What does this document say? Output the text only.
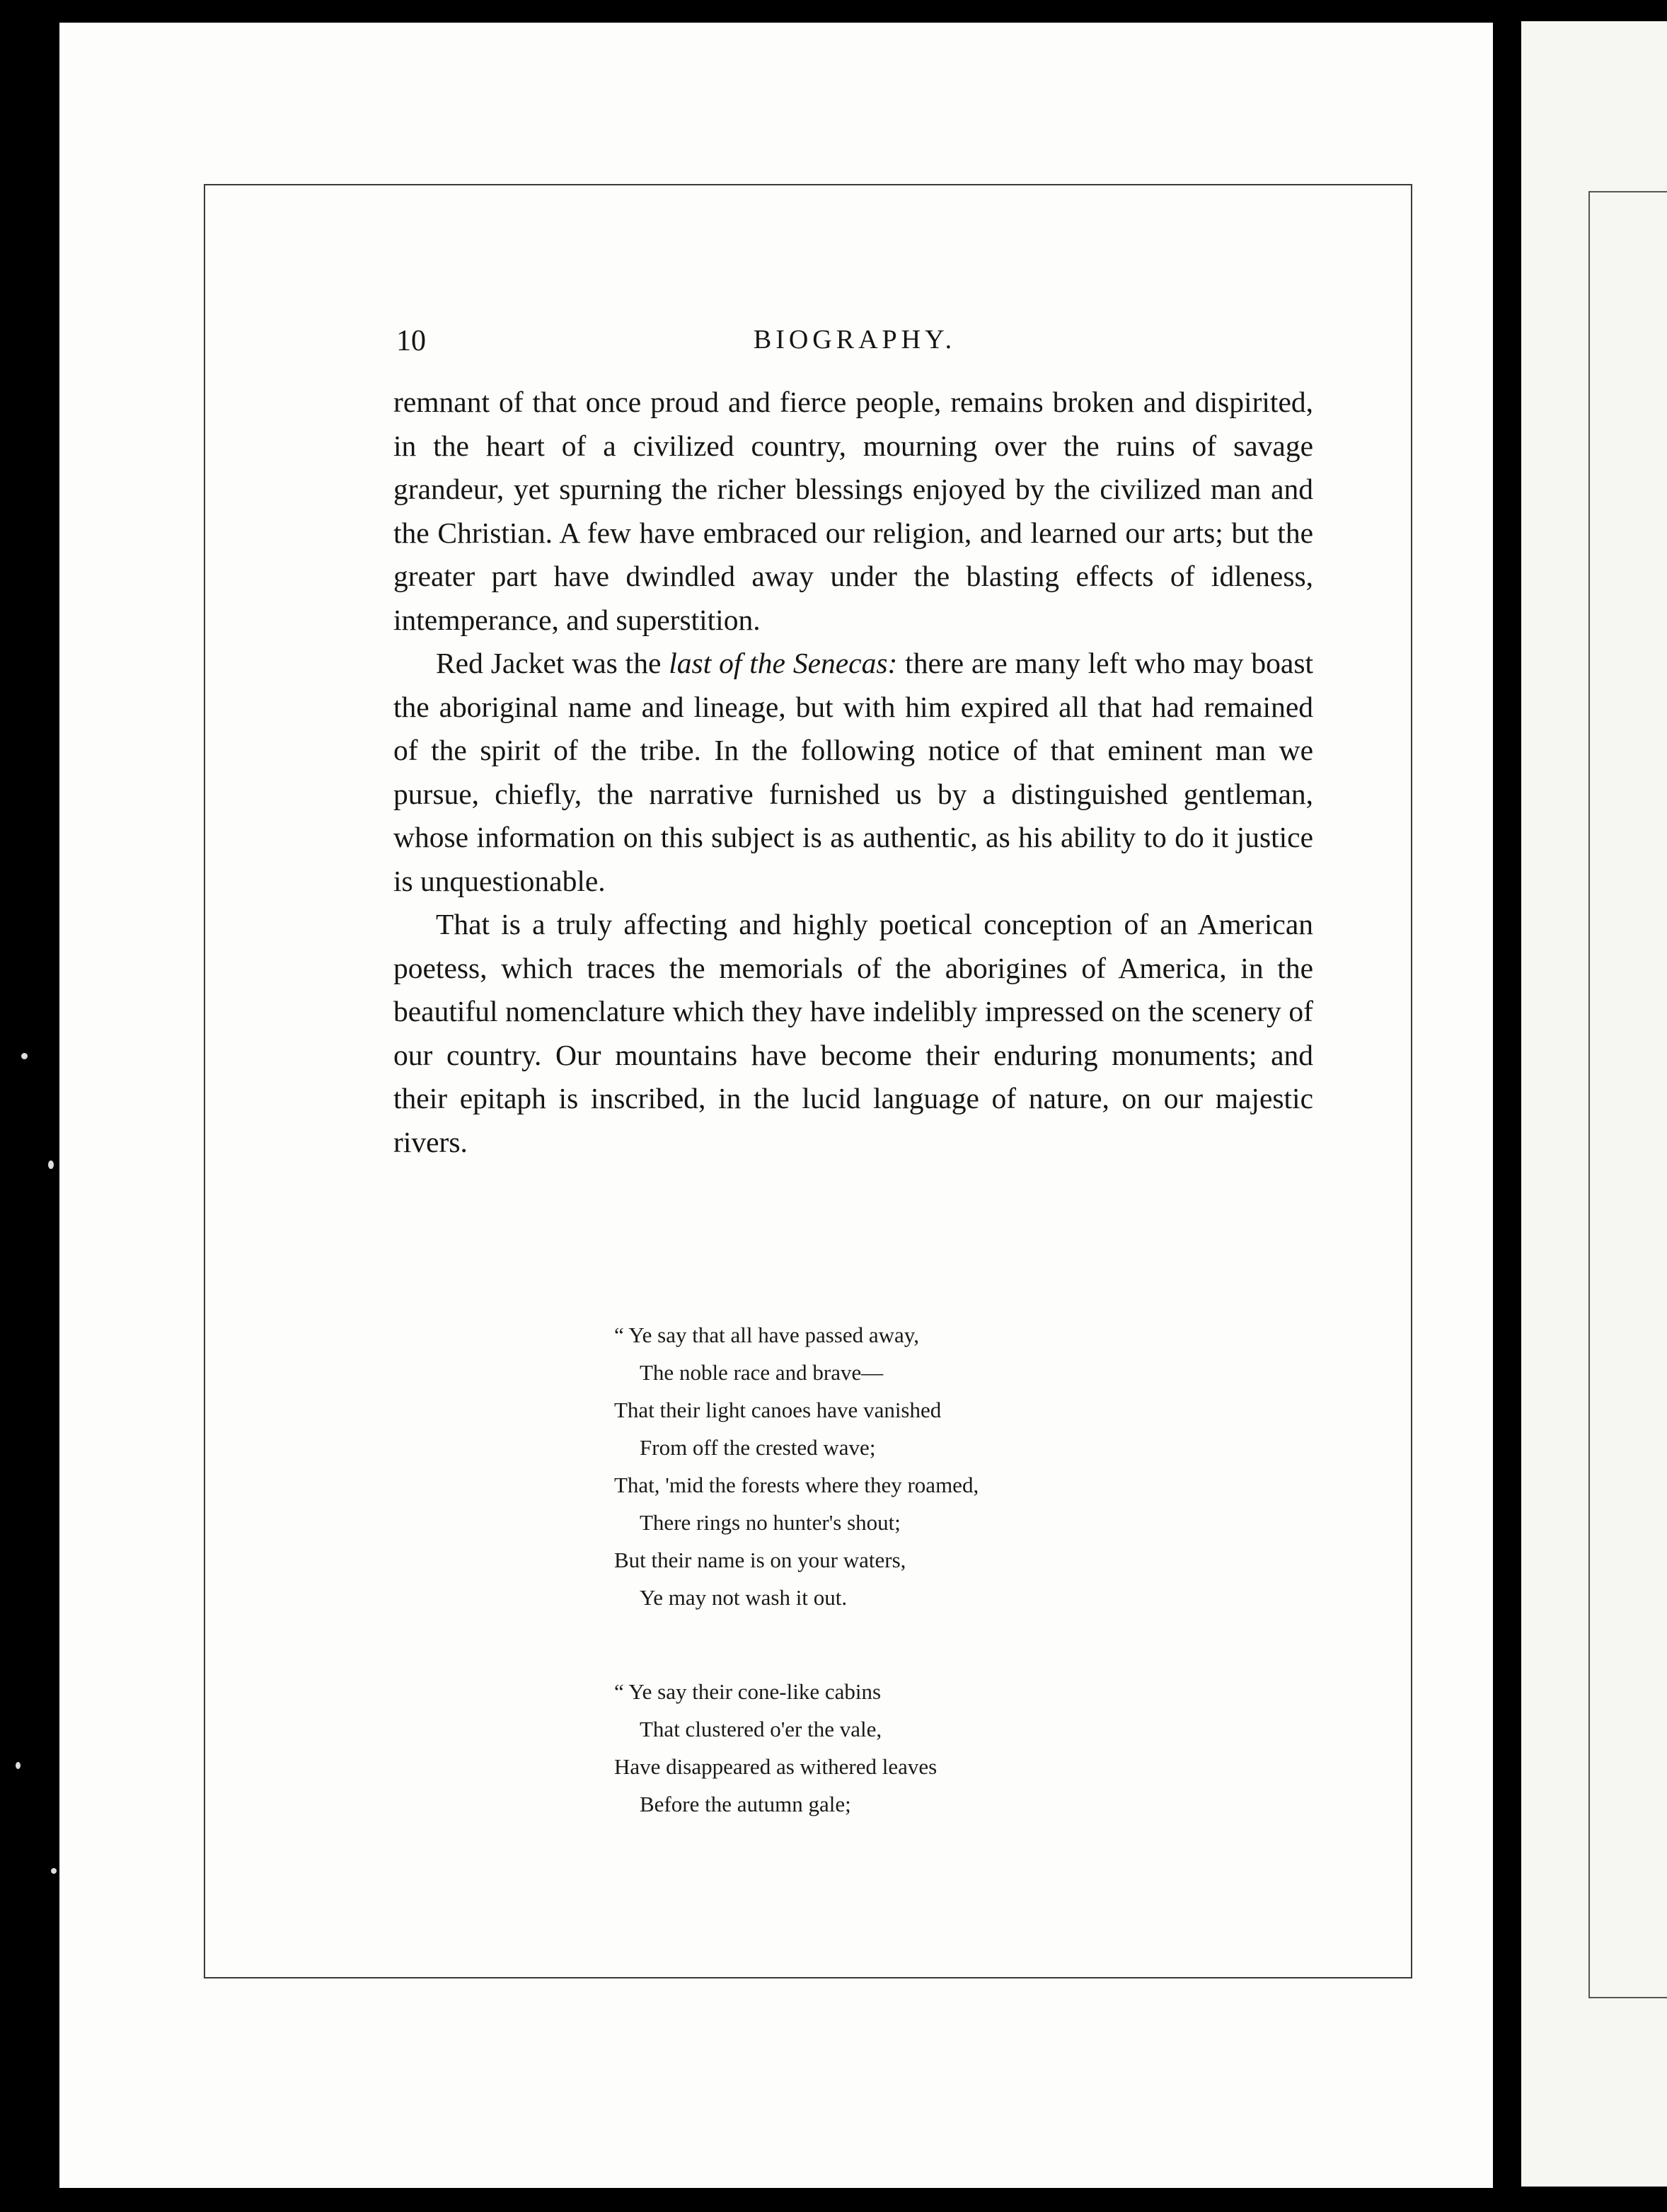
10	BIOGRAPHY.

remnant of that once proud and fierce people, remains broken and dispirited, in the heart of a civilized country, mourning over the ruins of savage grandeur, yet spurning the richer blessings enjoyed by the civilized man and the Christian. A few have embraced our religion, and learned our arts; but the greater part have dwindled away under the blasting effects of idleness, intemperance, and superstition.

Red Jacket was the last of the Senecas: there are many left who may boast the aboriginal name and lineage, but with him expired all that had remained of the spirit of the tribe. In the following notice of that eminent man we pursue, chiefly, the narrative furnished us by a distinguished gentleman, whose information on this subject is as authentic, as his ability to do it justice is unquestionable.

That is a truly affecting and highly poetical conception of an American poetess, which traces the memorials of the aborigines of America, in the beautiful nomenclature which they have indelibly impressed on the scenery of our country. Our mountains have become their enduring monuments; and their epitaph is inscribed, in the lucid language of nature, on our majestic rivers.

“ Ye say that all have passed away,
The noble race and brave—
That their light canoes have vanished
From off the crested wave;
That, 'mid the forests where they roamed,
There rings no hunter's shout;
But their name is on your waters,
Ye may not wash it out.
“ Ye say their cone-like cabins
That clustered o'er the vale,
Have disappeared as withered leaves
Before the autumn gale;
